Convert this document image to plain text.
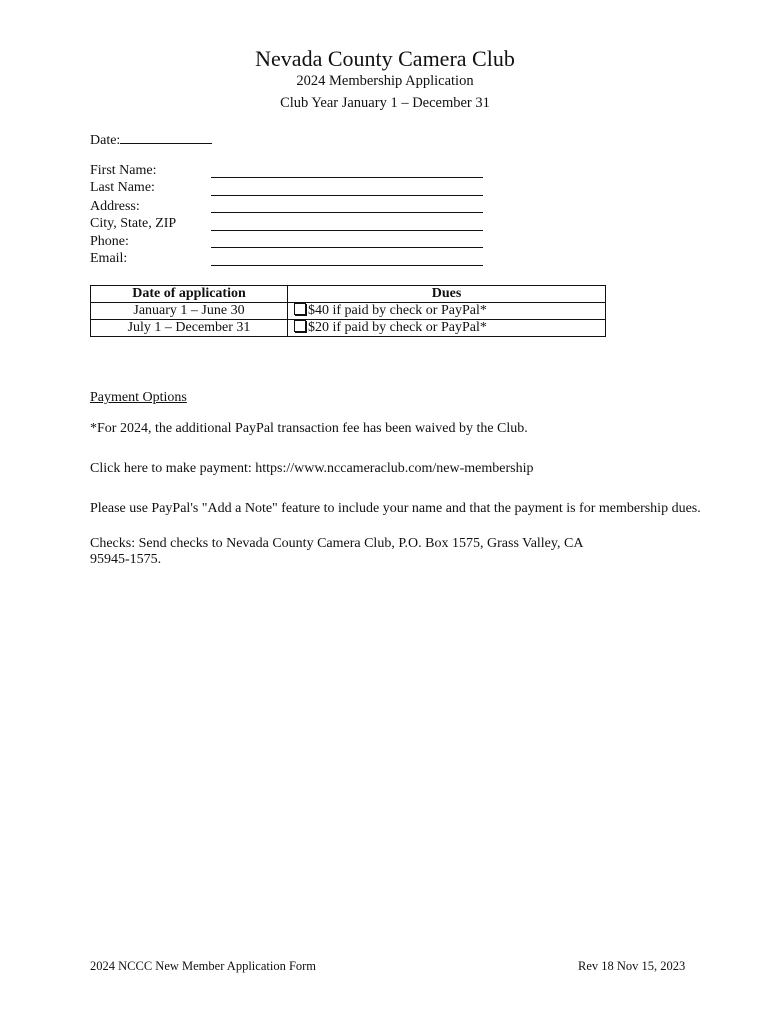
Nevada County Camera Club
2024 Membership Application
Club Year January 1 – December 31
Date:
First Name:
Last Name:
Address:
City, State, ZIP
Phone:
Email:
Date of application	Dues
January 1 – June 30	$40 if paid by check or PayPal*
July 1 – December 31	$20 if paid by check or PayPal*
Payment Options
*For 2024, the additional PayPal transaction fee has been waived by the Club.
Click here to make payment: https://www.nccameraclub.com/new-membership
Please use PayPal's "Add a Note" feature to include your name and that the payment is for membership dues.
Checks: Send checks to Nevada County Camera Club, P.O. Box 1575, Grass Valley, CA
95945-1575.
2024 NCCC New Member Application Form	Rev 18 Nov 15, 2023
